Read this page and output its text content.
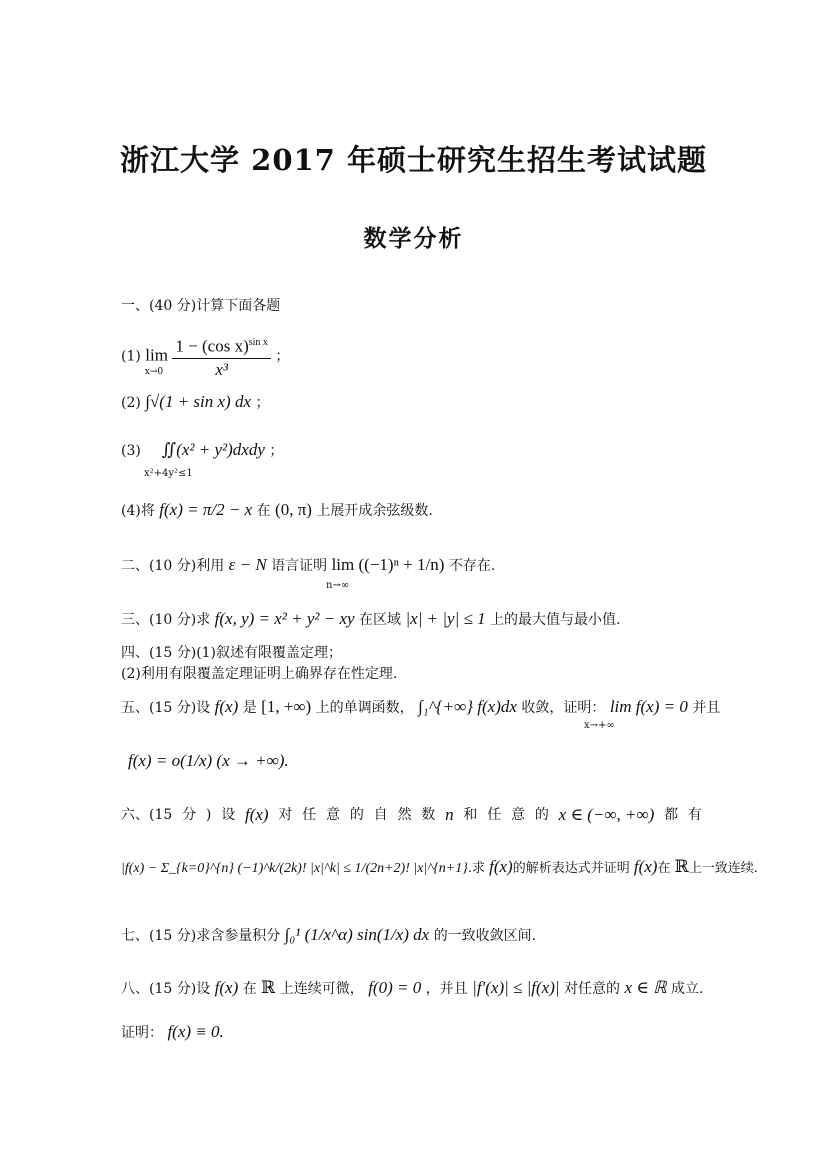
浙江大学 2017 年硕士研究生招生考试试题
数学分析
一、(40 分)计算下面各题
(1) $\lim x\to 0 \frac{1 - (\cos x)^{sin x}}{\text{x³}}$ ；
(2) ∫√(1 + sin x) dx ；
(3) ∬(x² + y²)dxdy ；
x²+4y²≤1
(4)将 f(x) = π/2 − x 在 (0, π) 上展开成余弦级数.
二、(10 分)利用 ε − N 语言证明 lim ((−1)ⁿ + 1/n) 不存在.
n→∞
三、(10 分)求 f(x, y) = x² + y² − xy 在区域 |x| + |y| ≤ 1 上的最大值与最小值.
四、(15 分)(1)叙述有限覆盖定理；
(2)利用有限覆盖定理证明上确界存在性定理.
五、(15 分)设 f(x) 是 [1, +∞) 上的单调函数， ∫₁^{+∞} f(x)dx 收敛，证明： lim f(x) = 0 并且
x→+∞
f(x) = o(1/x) (x → +∞).
六、(15 分 ) 设 f(x) 对 任 意 的 自 然 数 n 和 任 意 的 x ∈ (−∞, +∞) 都 有
|f(x) − Σ_{k=0}^{n} (−1)^k/(2k)! |x|^k| ≤ 1/(2n+2)! |x|^{n+1}.求 f(x)的解析表达式并证明 f(x)在 ℝ上一致连续.
七、(15 分)求含参量积分 ∫₀¹ (1/x^α) sin(1/x) dx 的一致收敛区间.
八、(15 分)设 f(x) 在 ℝ 上连续可微， f(0) = 0 ，并且 |f′(x)| ≤ |f(x)| 对任意的 x ∈ ℝ 成立.
证明： f(x) ≡ 0.
